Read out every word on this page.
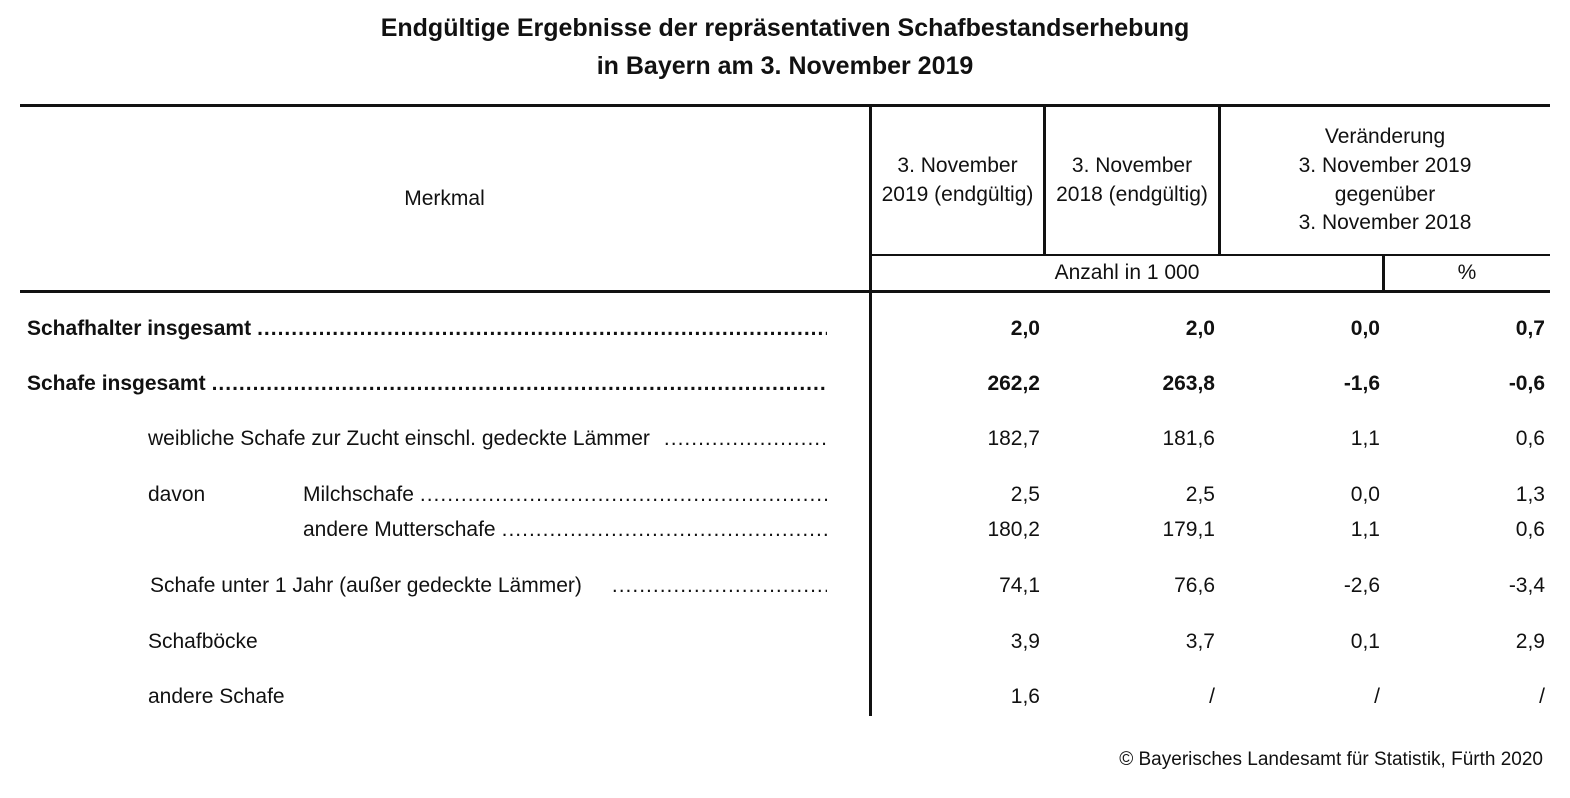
Endgültige Ergebnisse der repräsentativen Schafbestandserhebung
in Bayern am 3. November 2019
Merkmal
3. November
2019 (endgültig)
3. November
2018 (endgültig)
Veränderung
3. November 2019
gegenüber
3. November 2018
Anzahl in 1 000	%
Schafhalter insgesamt .....	2,0	2,0	0,0	0,7
Schafe insgesamt .....	262,2	263,8	-1,6	-0,6
weibliche Schafe zur Zucht einschl. gedeckte Lämmer .....	182,7	181,6	1,1	0,6
davon	Milchschafe .....	2,5	2,5	0,0	1,3
andere Mutterschafe .....	180,2	179,1	1,1	0,6
Schafe unter 1 Jahr (außer gedeckte Lämmer) .....	74,1	76,6	-2,6	-3,4
Schafböcke	3,9	3,7	0,1	2,9
andere Schafe	1,6	/	/	/
© Bayerisches Landesamt für Statistik, Fürth 2020
